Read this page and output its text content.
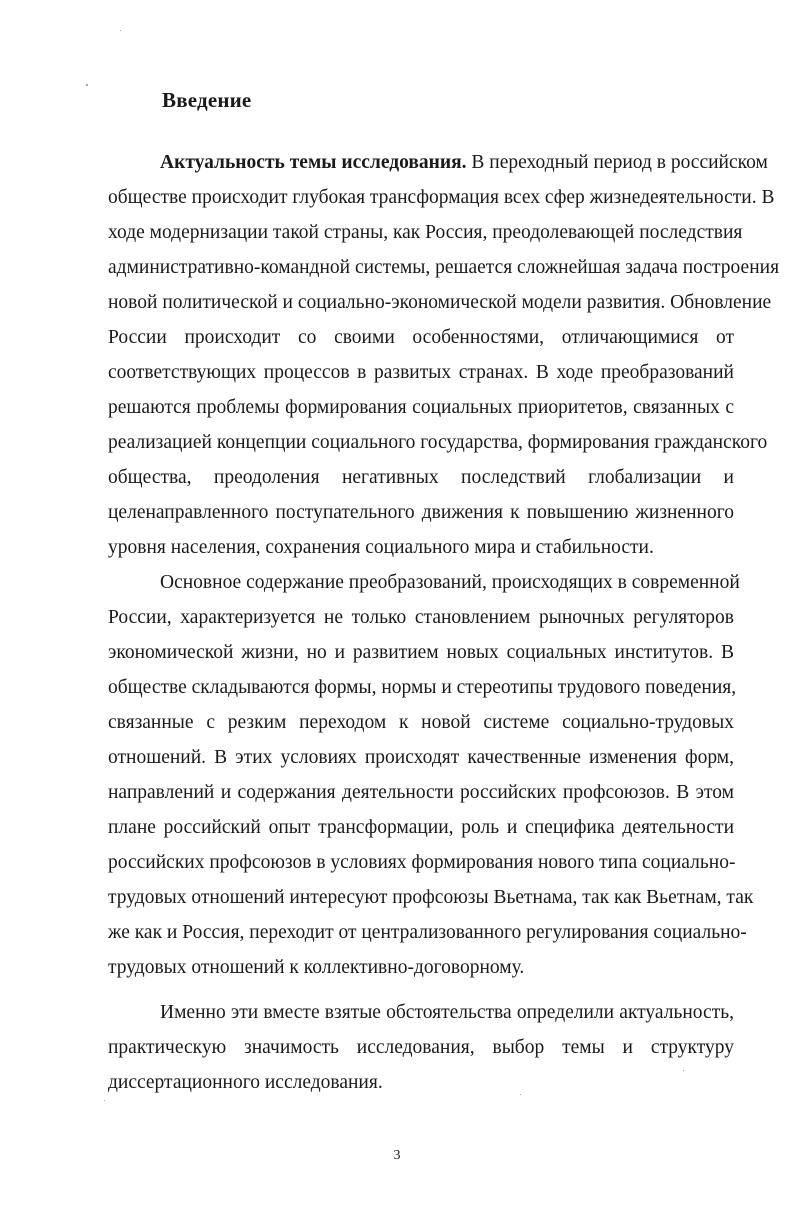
Введение

Актуальность темы исследования. В переходный период в российском

обществе происходит глубокая трансформация всех сфер жизнедеятельности. В

ходе модернизации такой страны, как Россия, преодолевающей последствия

административно-командной системы, решается сложнейшая задача построения

новой политической и социально-экономической модели развития. Обновление

России происходит со своими особенностями, отличающимися от

соответствующих процессов в развитых странах. В ходе преобразований

решаются проблемы формирования социальных приоритетов, связанных с

реализацией концепции социального государства, формирования гражданского

общества, преодоления негативных последствий глобализации и

целенаправленного поступательного движения к повышению жизненного

уровня населения, сохранения социального мира и стабильности.

Основное содержание преобразований, происходящих в современной

России, характеризуется не только становлением рыночных регуляторов

экономической жизни, но и развитием новых социальных институтов. В

обществе складываются формы, нормы и стереотипы трудового поведения,

связанные с резким переходом к новой системе социально-трудовых

отношений. В этих условиях происходят качественные изменения форм,

направлений и содержания деятельности российских профсоюзов. В этом

плане российский опыт трансформации, роль и специфика деятельности

российских профсоюзов в условиях формирования нового типа социально-

трудовых отношений интересуют профсоюзы Вьетнама, так как Вьетнам, так

же как и Россия, переходит от централизованного регулирования социально-

трудовых отношений к коллективно-договорному.

Именно эти вместе взятые обстоятельства определили актуальность,

практическую значимость исследования, выбор темы и структуру

диссертационного исследования.

3
